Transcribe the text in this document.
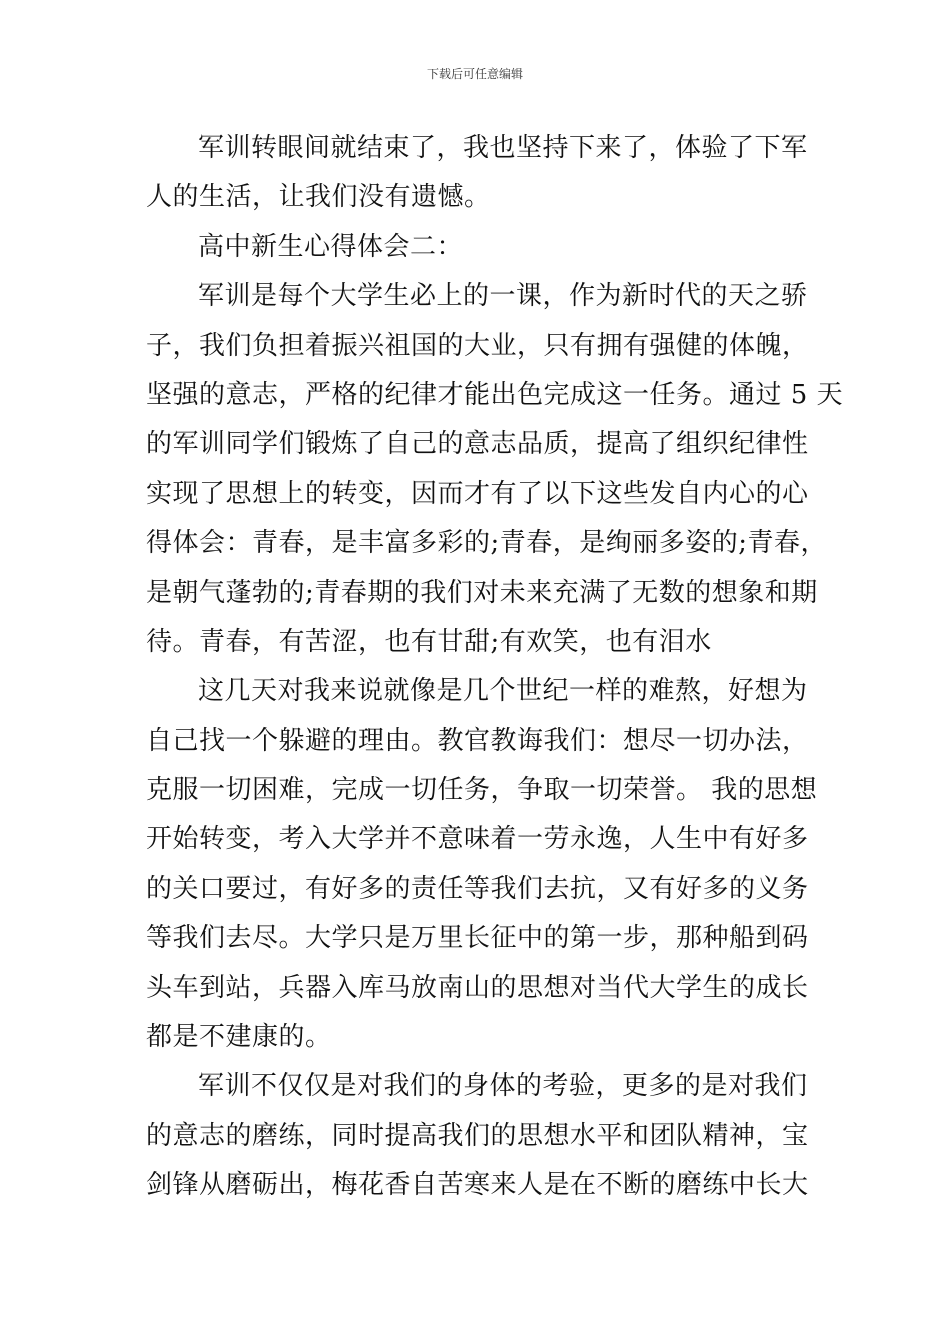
下载后可任意编辑
军训转眼间就结束了，我也坚持下来了，体验了下军
人的生活，让我们没有遗憾。
高中新生心得体会二：
军训是每个大学生必上的一课，作为新时代的天之骄
子，我们负担着振兴祖国的大业，只有拥有强健的体魄，
坚强的意志，严格的纪律才能出色完成这一任务。通过 5 天
的军训同学们锻炼了自己的意志品质，提高了组织纪律性
实现了思想上的转变，因而才有了以下这些发自内心的心
得体会：青春，是丰富多彩的;青春，是绚丽多姿的;青春，
是朝气蓬勃的;青春期的我们对未来充满了无数的想象和期
待。青春，有苦涩，也有甘甜;有欢笑，也有泪水
这几天对我来说就像是几个世纪一样的难熬，好想为
自己找一个躲避的理由。教官教诲我们：想尽一切办法，
克服一切困难，完成一切任务，争取一切荣誉。 我的思想
开始转变，考入大学并不意味着一劳永逸，人生中有好多
的关口要过，有好多的责任等我们去抗，又有好多的义务
等我们去尽。大学只是万里长征中的第一步，那种船到码
头车到站，兵器入库马放南山的思想对当代大学生的成长
都是不建康的。
军训不仅仅是对我们的身体的考验，更多的是对我们
的意志的磨练，同时提高我们的思想水平和团队精神，宝
剑锋从磨砺出，梅花香自苦寒来人是在不断的磨练中长大
